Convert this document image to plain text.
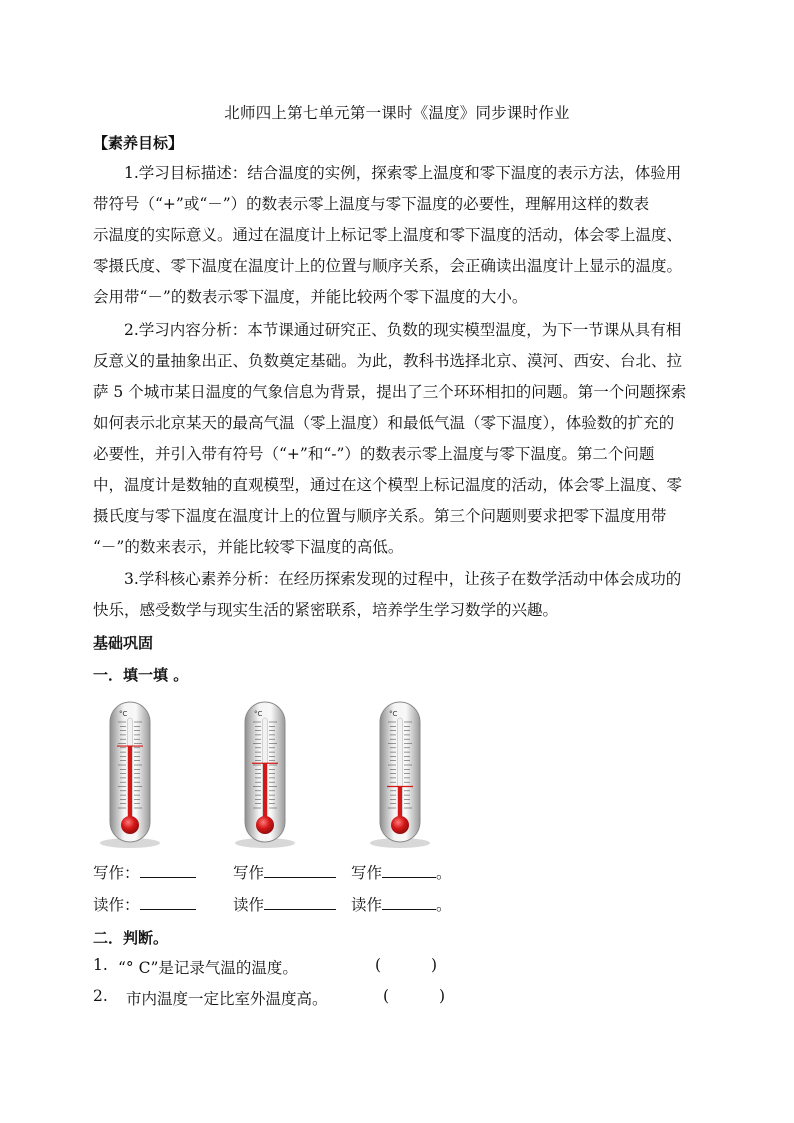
北师四上第七单元第一课时《温度》同步课时作业
【素养目标】

1.学习目标描述：结合温度的实例，探索零上温度和零下温度的表示方法，体验用

带符号（“+”或“－”）的数表示零上温度与零下温度的必要性，理解用这样的数表

示温度的实际意义。通过在温度计上标记零上温度和零下温度的活动，体会零上温度、

零摄氏度、零下温度在温度计上的位置与顺序关系，会正确读出温度计上显示的温度。

会用带“－”的数表示零下温度，并能比较两个零下温度的大小。

2.学习内容分析：本节课通过研究正、负数的现实模型温度，为下一节课从具有相

反意义的量抽象出正、负数奠定基础。为此，教科书选择北京、漠河、西安、台北、拉

萨 5 个城市某日温度的气象信息为背景，提出了三个环环相扣的问题。第一个问题探索

如何表示北京某天的最高气温（零上温度）和最低气温（零下温度），体验数的扩充的

必要性，并引入带有符号（“+”和“-”）的数表示零上温度与零下温度。第二个问题

中，温度计是数轴的直观模型，通过在这个模型上标记温度的活动，体会零上温度、零

摄氏度与零下温度在温度计上的位置与顺序关系。第三个问题则要求把零下温度用带

“－”的数来表示，并能比较零下温度的高低。

3.学科核心素养分析：在经历探索发现的过程中，让孩子在数学活动中体会成功的

快乐，感受数学与现实生活的紧密联系，培养学生学习数学的兴趣。

基础巩固
一．填一填 。
°C	°C	°C
写作：	写作	写作	。
读作：	读作	读作	。
二．判断。
1. “° C”是记录气温的温度。	(	)
2. 市内温度一定比室外温度高。	(	)
